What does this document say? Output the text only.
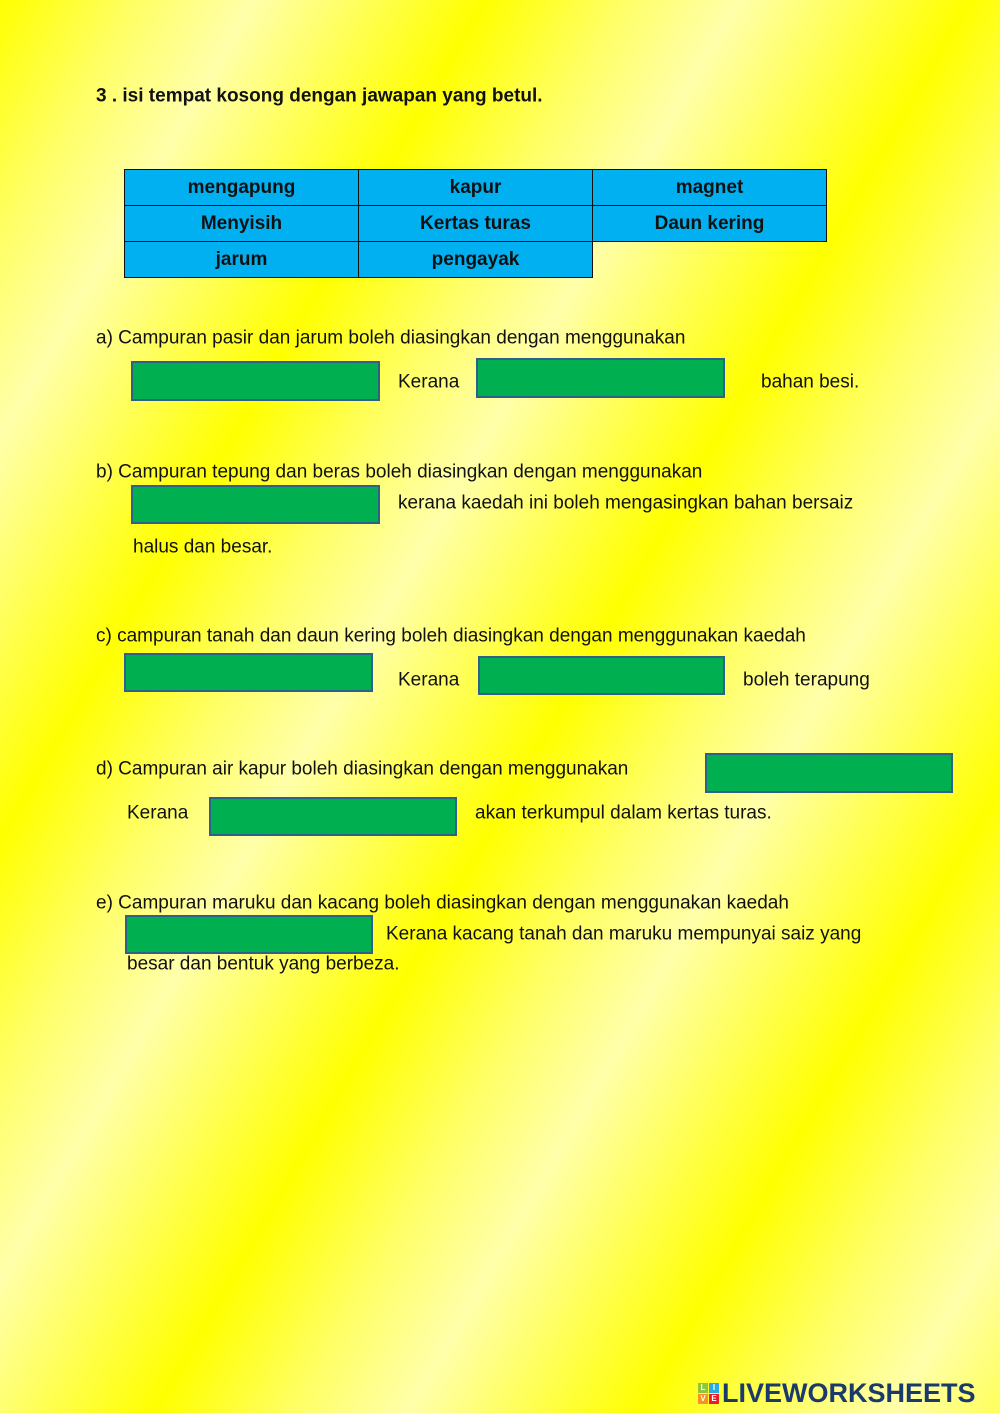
3 . isi tempat kosong dengan jawapan yang betul.
mengapung	kapur	magnet
Menyisih	Kertas turas	Daun kering
jarum	pengayak	
a) Campuran pasir dan jarum boleh diasingkan dengan menggunakan
Kerana	bahan besi.
b) Campuran tepung dan beras boleh diasingkan dengan menggunakan
kerana kaedah ini boleh mengasingkan bahan bersaiz
halus dan besar.
c) campuran tanah dan daun kering boleh diasingkan dengan menggunakan kaedah
Kerana	boleh terapung
d) Campuran air kapur boleh diasingkan dengan menggunakan
Kerana	akan terkumpul dalam kertas turas.
e) Campuran maruku dan kacang boleh diasingkan dengan menggunakan kaedah
besar dan bentuk yang berbeza.
Kerana kacang tanah dan maruku mempunyai saiz yang
L I
V E LIVEWORKSHEETS
